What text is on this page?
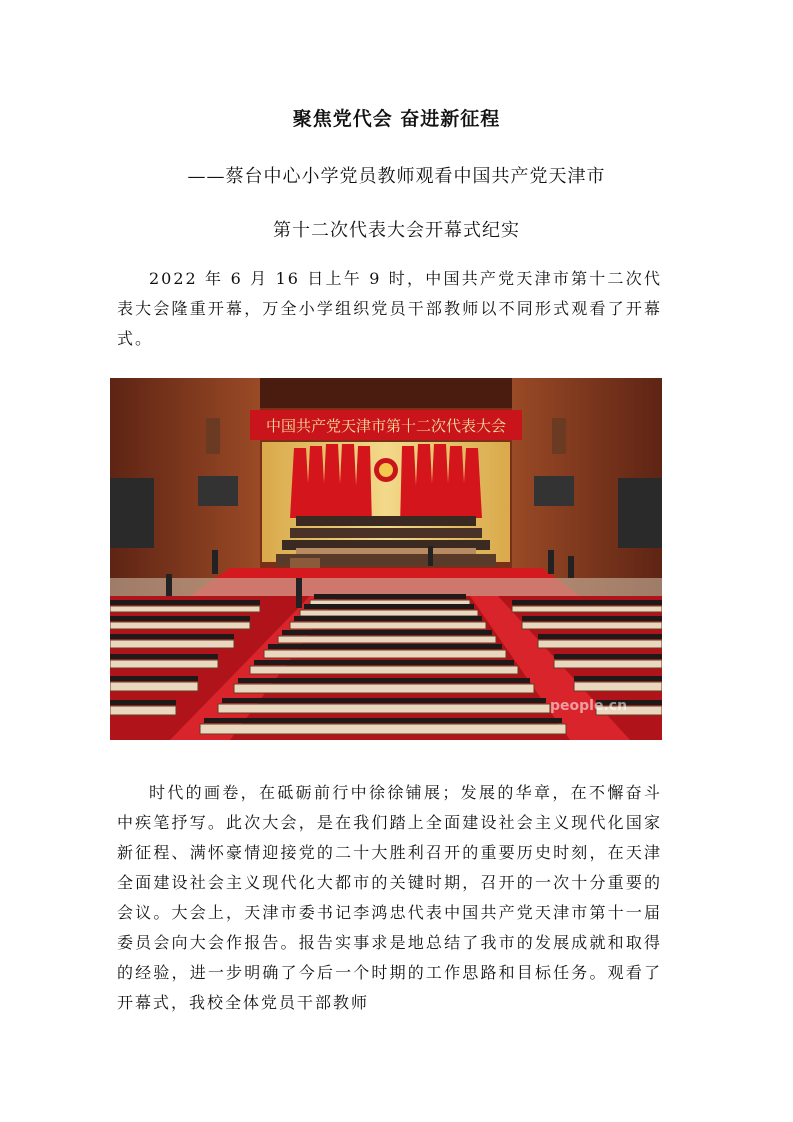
聚焦党代会 奋进新征程
——蔡台中心小学党员教师观看中国共产党天津市
第十二次代表大会开幕式纪实

2022 年 6 月 16 日上午 9 时，中国共产党天津市第十二次代表大会隆重开幕，万全小学组织党员干部教师以不同形式观看了开幕式。

中国共产党天津市第十二次代表大会
people.cn

时代的画卷，在砥砺前行中徐徐铺展；发展的华章，在不懈奋斗中疾笔抒写。此次大会，是在我们踏上全面建设社会主义现代化国家新征程、满怀豪情迎接党的二十大胜利召开的重要历史时刻，在天津全面建设社会主义现代化大都市的关键时期，召开的一次十分重要的会议。大会上，天津市委书记李鸿忠代表中国共产党天津市第十一届委员会向大会作报告。报告实事求是地总结了我市的发展成就和取得的经验，进一步明确了今后一个时期的工作思路和目标任务。观看了开幕式，我校全体党员干部教师
